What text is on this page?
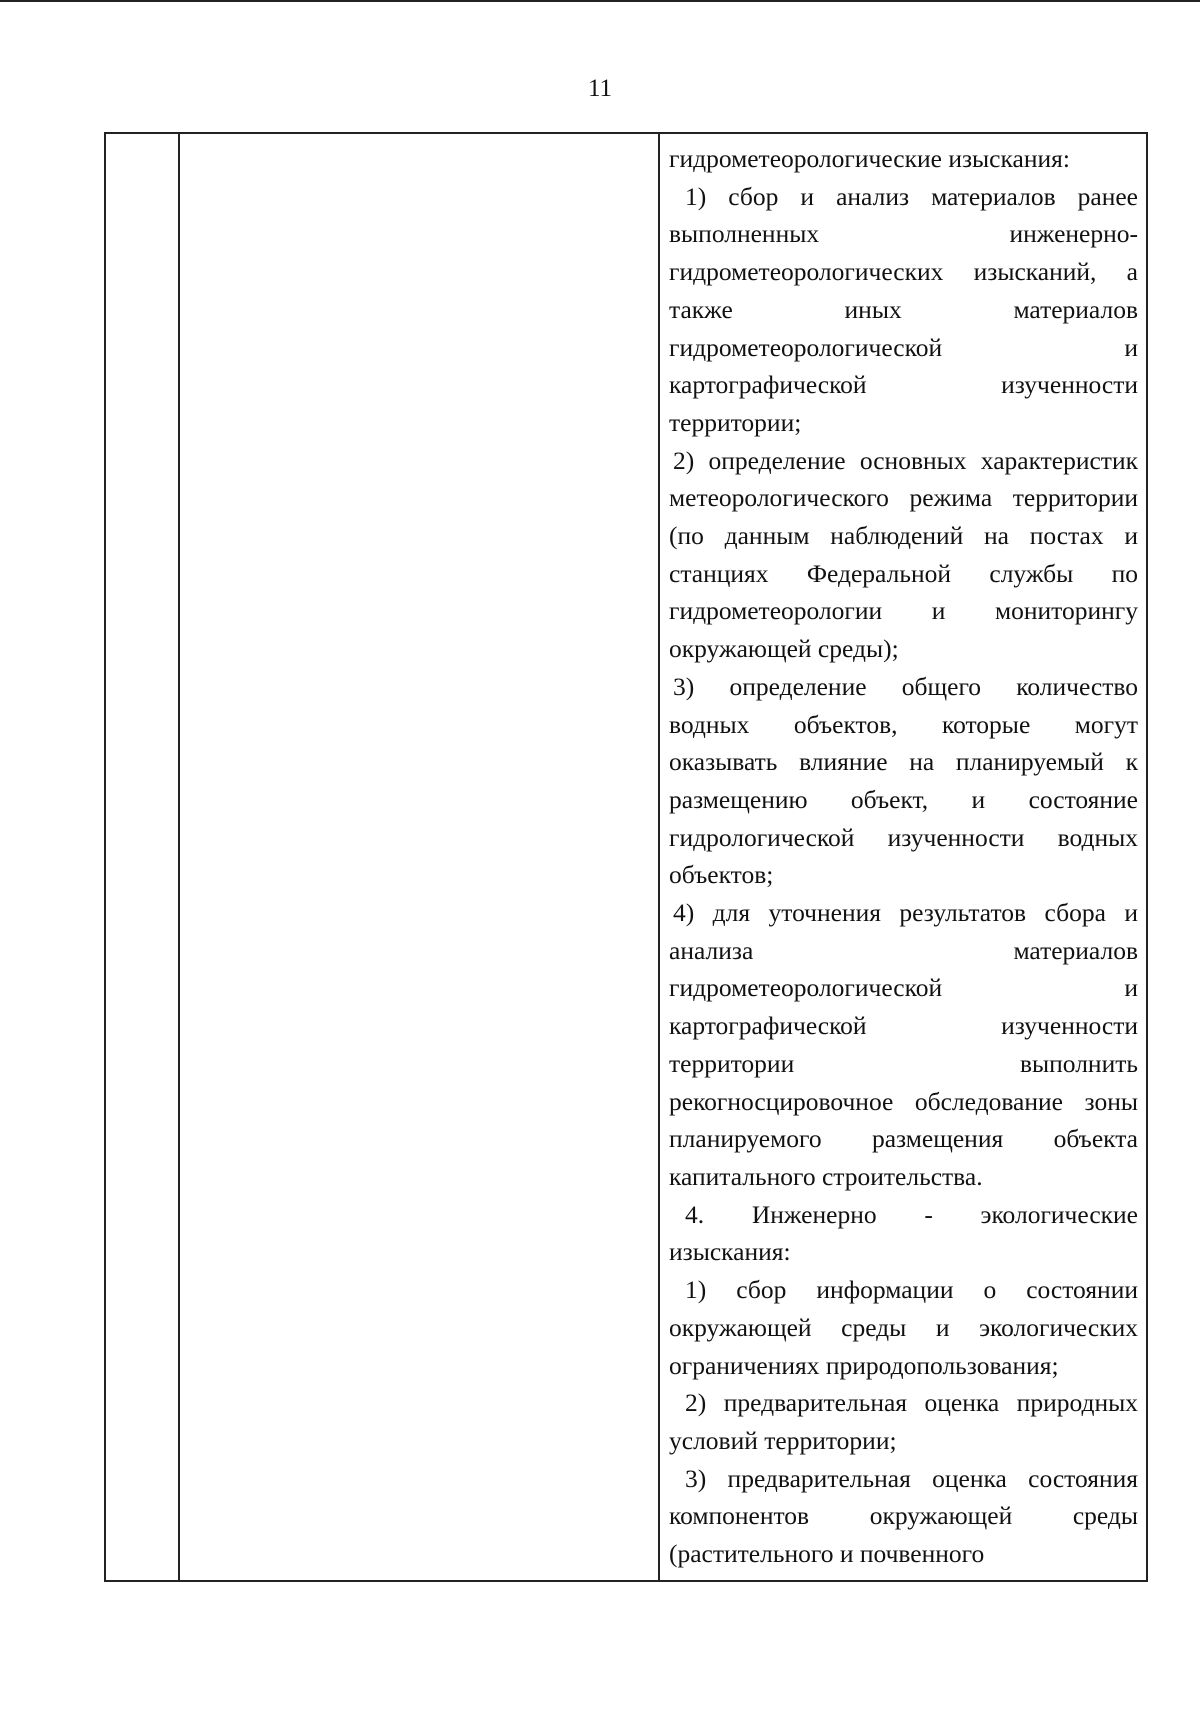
11

гидрометеорологические изыскания:

1) сбор и анализ материалов ранее выполненных инженерно-гидрометеорологических изысканий, а также иных материалов гидрометеорологической и картографической изученности территории;

2) определение основных характеристик метеорологического режима территории (по данным наблюдений на постах и станциях Федеральной службы по гидрометеорологии и мониторингу окружающей среды);

3) определение общего количество водных объектов, которые могут оказывать влияние на планируемый к размещению объект, и состояние гидрологической изученности водных объектов;

4) для уточнения результатов сбора и анализа материалов гидрометеорологической и картографической изученности территории выполнить рекогносцировочное обследование зоны планируемого размещения объекта капитального строительства.

4. Инженерно - экологические изыскания:

1) сбор информации о состоянии окружающей среды и экологических ограничениях природопользования;

2) предварительная оценка природных условий территории;

3) предварительная оценка состояния компонентов окружающей среды (растительного и почвенного
